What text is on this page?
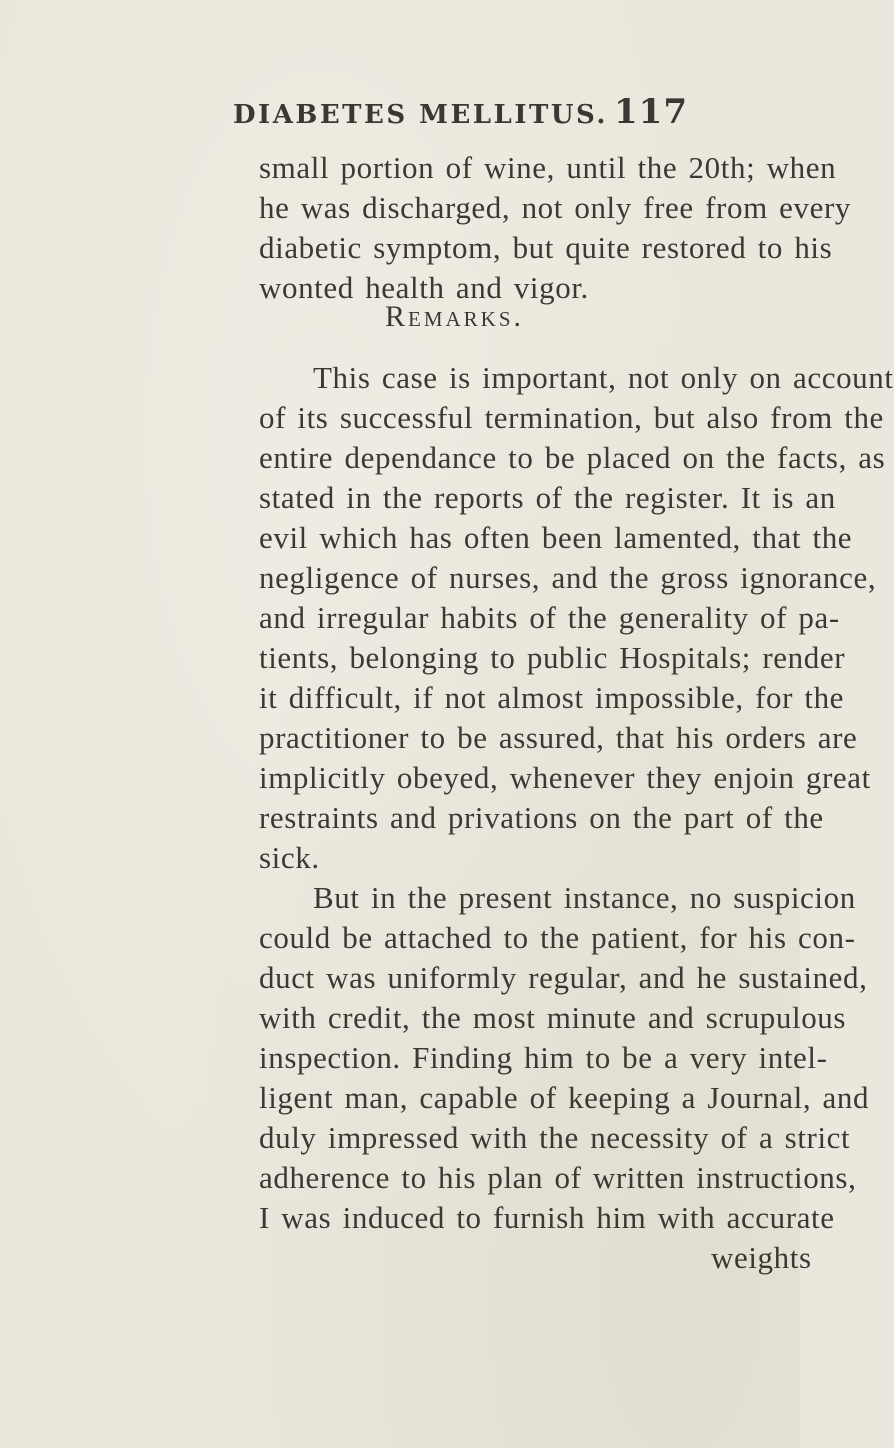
DIABETES MELLITUS. 117
small portion of wine, until the 20th; when
he was discharged, not only free from every
diabetic symptom, but quite restored to his
wonted health and vigor.
Remarks.
This case is important, not only on account
of its successful termination, but also from the
entire dependance to be placed on the facts, as
stated in the reports of the register. It is an
evil which has often been lamented, that the
negligence of nurses, and the gross ignorance,
and irregular habits of the generality of pa-
tients, belonging to public Hospitals; render
it difficult, if not almost impossible, for the
practitioner to be assured, that his orders are
implicitly obeyed, whenever they enjoin great
restraints and privations on the part of the
sick.
But in the present instance, no suspicion
could be attached to the patient, for his con-
duct was uniformly regular, and he sustained,
with credit, the most minute and scrupulous
inspection. Finding him to be a very intel-
ligent man, capable of keeping a Journal, and
duly impressed with the necessity of a strict
adherence to his plan of written instructions,
I was induced to furnish him with accurate
weights
